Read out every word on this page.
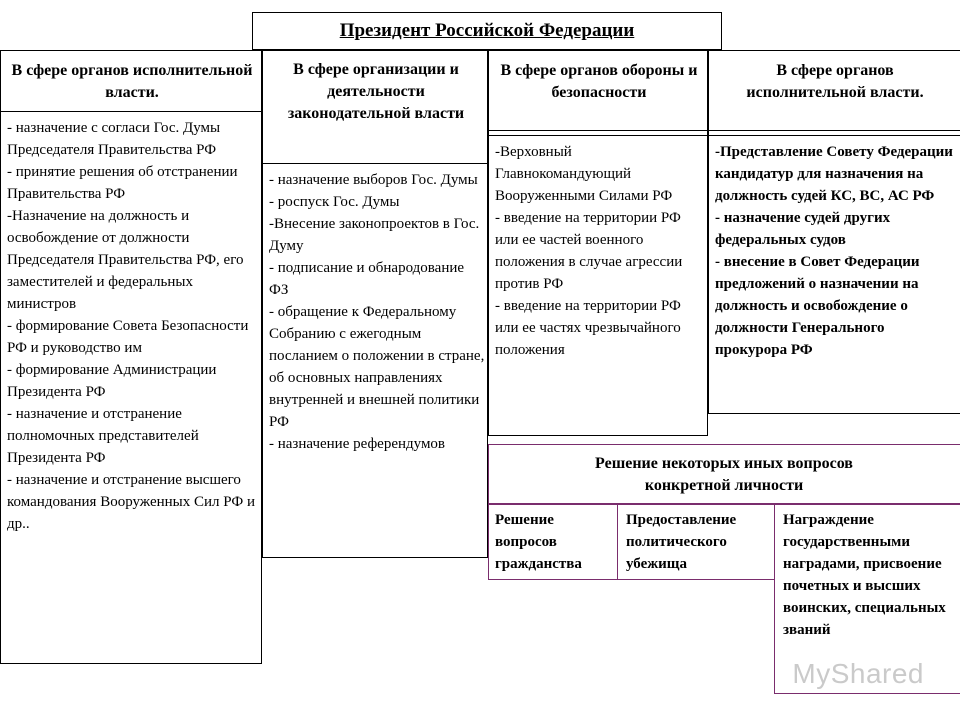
Президент Российской Федерации
В сфере органов исполнительной власти.
- назначение с согласи Гос. Думы Председателя Правительства РФ
- принятие решения об отстранении Правительства РФ
-Назначение на должность и освобождение от должности Председателя Правительства РФ, его заместителей и федеральных министров
- формирование Совета Безопасности РФ и руководство им
- формирование Администрации Президента РФ
- назначение и отстранение полномочных представителей Президента РФ
- назначение и отстранение высшего командования Вооруженных Сил РФ и др..
В сфере организации и деятельности законодательной власти
- назначение выборов Гос. Думы
- роспуск Гос. Думы
-Внесение законопроектов в Гос. Думу
- подписание и обнародование ФЗ
- обращение к Федеральному Собранию с ежегодным посланием о положении в стране, об основных направлениях внутренней и внешней политики РФ
- назначение референдумов
В сфере органов обороны и безопасности
-Верховный Главнокомандующий Вооруженными Силами РФ
- введение на территории РФ или ее частей военного положения в случае агрессии против РФ
- введение на территории РФ или ее частях чрезвычайного положения
В сфере органов исполнительной власти.
-Представление Совету Федерации кандидатур для назначения на должность судей КС, ВС, АС РФ
- назначение судей других федеральных судов
- внесение в Совет Федерации предложений о назначении на должность и освобождение о должности Генерального прокурора РФ
Решение некоторых иных вопросов конкретной личности
Решение вопросов гражданства
Предоставление политического убежища
Награждение государственными наградами, присвоение почетных и высших воинских, специальных званий
MyShared
